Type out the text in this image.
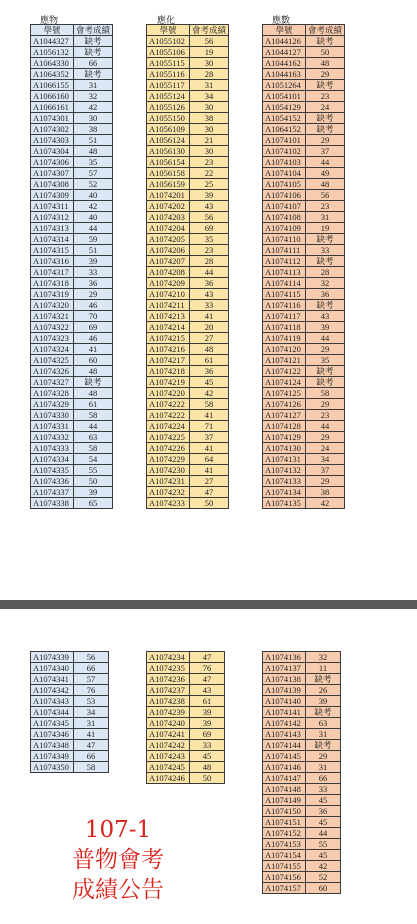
應物	應化	應數
學號	會考成績
A1044327	缺考
A1056132	缺考
A1064330	66
A1064352	缺考
A1066155	31
A1066160	32
A1066161	42
A1074301	30
A1074302	38
A1074303	51
A1074304	48
A1074306	35
A1074307	57
A1074308	52
A1074309	40
A1074311	42
A1074312	40
A1074313	44
A1074314	59
A1074315	51
A1074316	39
A1074317	33
A1074318	36
A1074319	29
A1074320	46
A1074321	70
A1074322	69
A1074323	46
A1074324	41
A1074325	60
A1074326	48
A1074327	缺考
A1074328	48
A1074329	61
A1074330	58
A1074331	44
A1074332	63
A1074333	58
A1074334	54
A1074335	55
A1074336	50
A1074337	39
A1074338	65
學號	會考成績
A1055102	56
A1055106	19
A1055115	30
A1055116	28
A1055117	31
A1055124	34
A1055126	30
A1055150	38
A1056109	30
A1056124	21
A1056130	30
A1056154	23
A1056158	22
A1056159	25
A1074201	39
A1074202	43
A1074203	56
A1074204	69
A1074205	35
A1074206	23
A1074207	28
A1074208	44
A1074209	36
A1074210	43
A1074211	33
A1074213	41
A1074214	20
A1074215	27
A1074216	48
A1074217	61
A1074218	36
A1074219	45
A1074220	42
A1074222	58
A1074222	41
A1074224	71
A1074225	37
A1074226	41
A1074229	64
A1074230	41
A1074231	27
A1074232	47
A1074233	50
學號	會考成績
A1044126	缺考
A1044127	50
A1044162	48
A1044163	29
A1051264	缺考
A1054101	23
A1054129	24
A1054152	缺考
A1064152	缺考
A1074101	29
A1074102	37
A1074103	44
A1074104	49
A1074105	48
A1074106	56
A1074107	23
A1074108	31
A1074109	19
A1074110	缺考
A1074111	33
A1074112	缺考
A1074113	28
A1074114	32
A1074115	36
A1074116	缺考
A1074117	43
A1074118	39
A1074119	44
A1074120	29
A1074121	35
A1074122	缺考
A1074124	缺考
A1074125	58
A1074126	29
A1074127	23
A1074128	44
A1074129	29
A1074130	24
A1074131	34
A1074132	37
A1074133	29
A1074134	38
A1074135	42
A1074339	56
A1074340	66
A1074341	57
A1074342	76
A1074343	53
A1074344	34
A1074345	31
A1074346	41
A1074348	47
A1074349	66
A1074350	58
A1074234	47
A1074235	76
A1074236	47
A1074237	43
A1074238	61
A1074239	39
A1074240	39
A1074241	69
A1074242	33
A1074243	45
A1074245	48
A1074246	50
A1074136	32
A1074137	11
A1074138	缺考
A1074139	26
A1074140	39
A1074141	缺考
A1074142	63
A1074143	31
A1074144	缺考
A1074145	29
A1074146	31
A1074147	66
A1074148	33
A1074149	45
A1074150	36
A1074151	45
A1074152	44
A1074153	55
A1074154	45
A1074155	42
A1074156	52
A1074157	60
107-1
普物會考
成績公告
